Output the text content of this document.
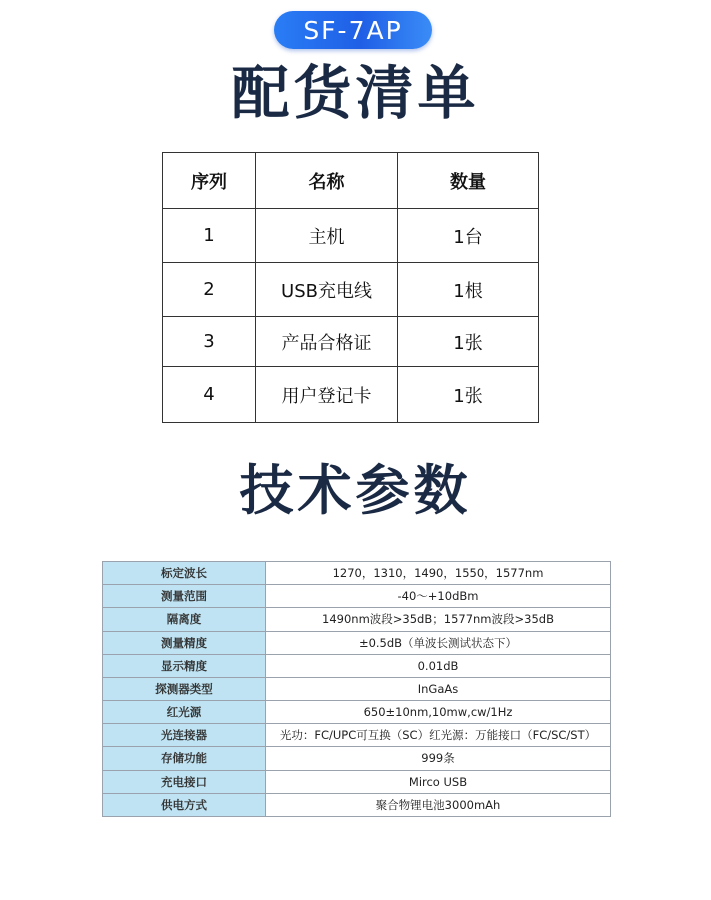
SF-7AP
配货清单
序列	名称	数量
1	主机	1台
2	USB充电线	1根
3	产品合格证	1张
4	用户登记卡	1张
技术参数
标定波长	1270，1310，1490，1550，1577nm
测量范围	-40～+10dBm
隔离度	1490nm波段>35dB；1577nm波段>35dB
测量精度	±0.5dB（单波长测试状态下）
显示精度	0.01dB
探测器类型	InGaAs
红光源	650±10nm,10mw,cw/1Hz
光连接器	光功：FC/UPC可互换（SC）红光源：万能接口（FC/SC/ST）
存储功能	999条
充电接口	Mirco USB
供电方式	聚合物锂电池3000mAh
